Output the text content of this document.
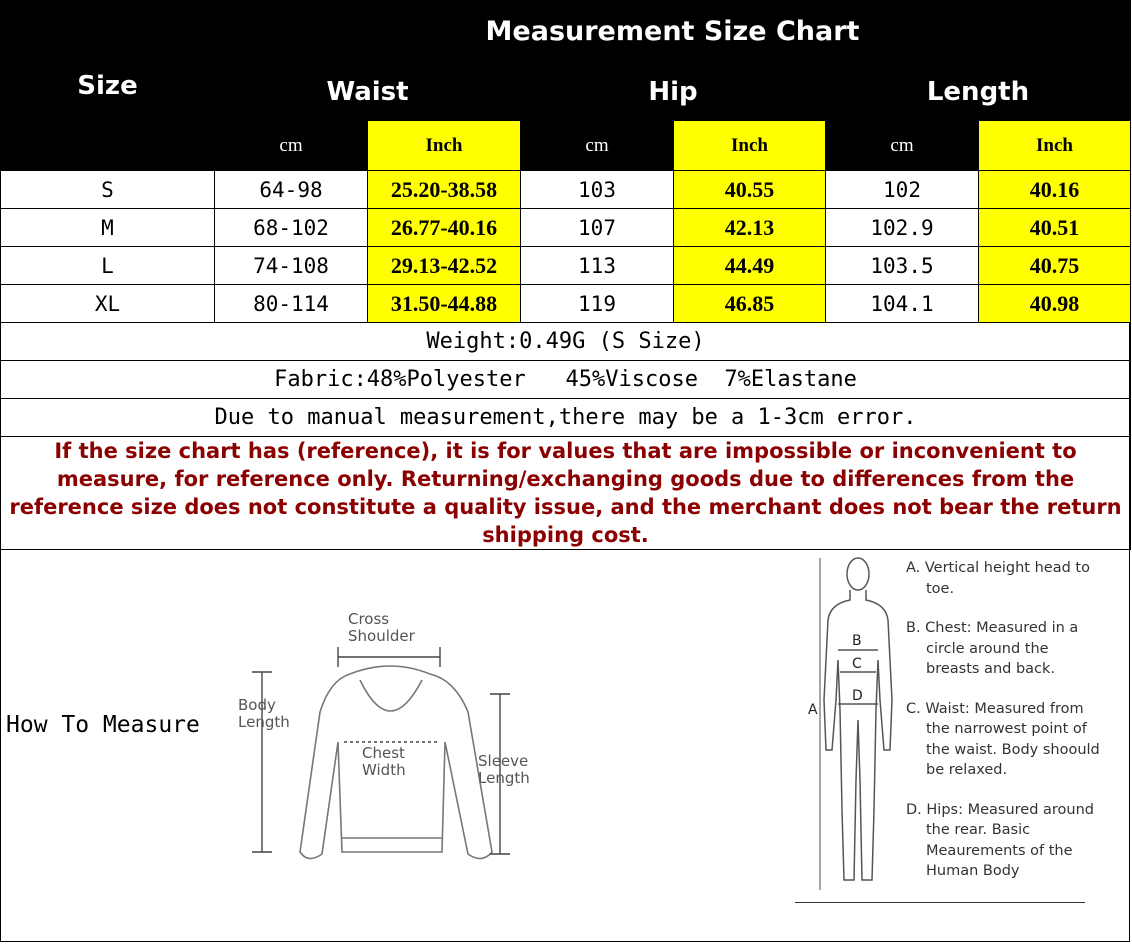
Size	Measurement Size Chart					
	Waist		Hip		Length	
	cm	Inch	cm	Inch	cm	Inch
S	64-98	25.20-38.58	103	40.55	102	40.16
M	68-102	26.77-40.16	107	42.13	102.9	40.51
L	74-108	29.13-42.52	113	44.49	103.5	40.75
XL	80-114	31.50-44.88	119	46.85	104.1	40.98
Weight:0.49G (S Size)						
Fabric:48%Polyester   45%Viscose  7%Elastane						
Due to manual measurement,there may be a 1-3cm error.						
If the size chart has (reference), it is for values that are impossible or inconvenient to measure, for reference only. Returning/exchanging goods due to differences from the reference size does not constitute a quality issue, and the merchant does not bear the return shipping cost.						
How To Measure
Cross
Shoulder
Body
Length
Chest
Width	Sleeve
Length
B
C
D
A

A. Vertical height head to toe.

B. Chest: Measured in a circle around the breasts and back.

C. Waist: Measured from the narrowest point of the waist. Body shoould be relaxed.

D. Hips: Measured around the rear. Basic Meaurements of the Human Body
